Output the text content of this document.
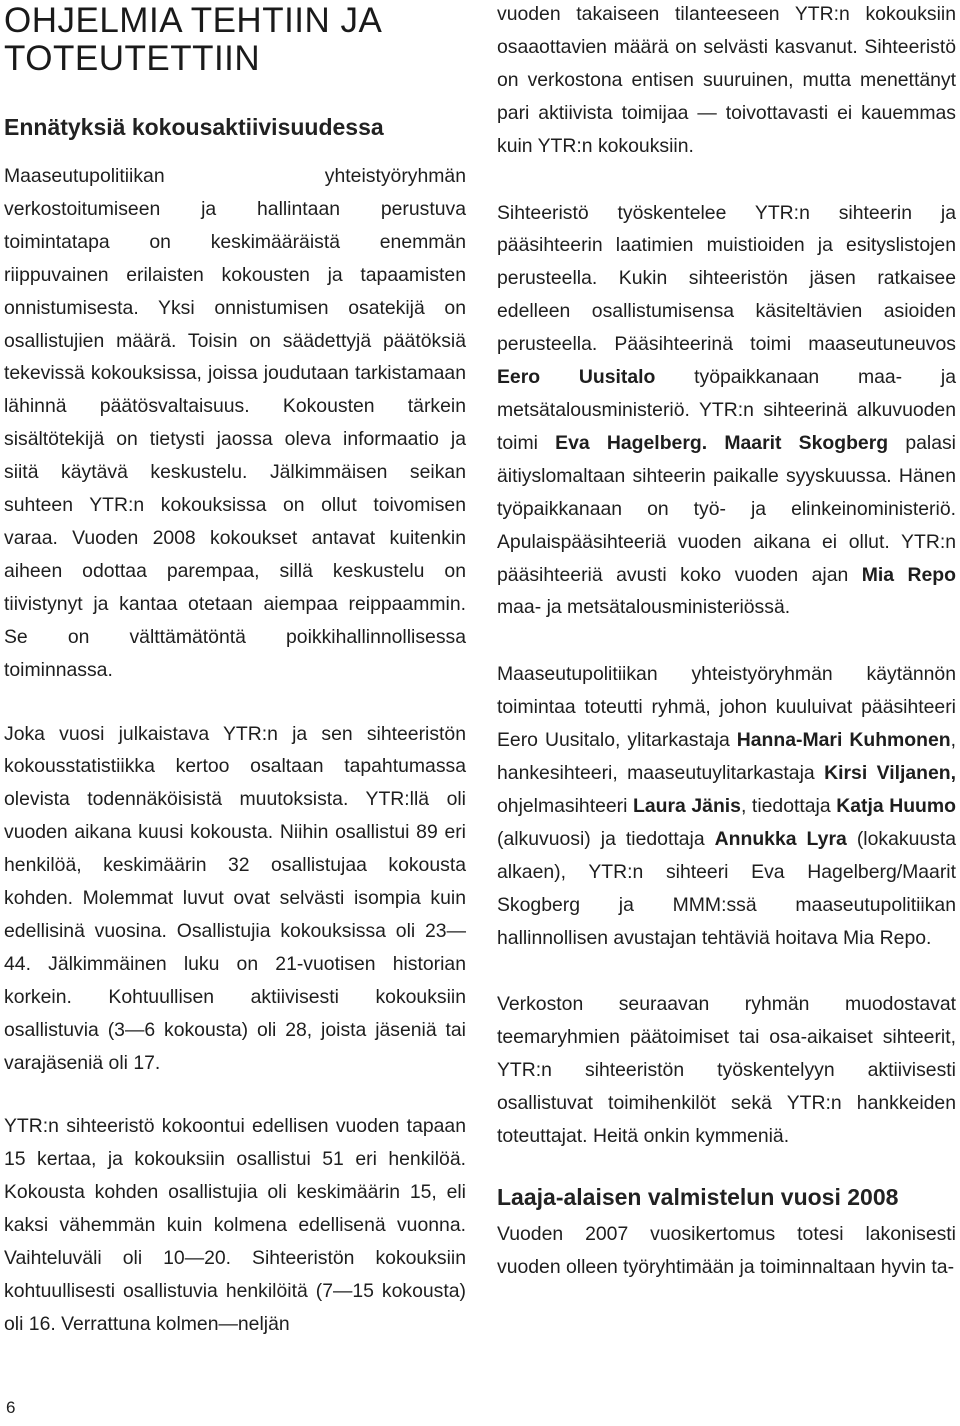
OHJELMIA TEHTIIN JA TOTEUTETTIIN
Ennätyksiä kokousaktiivisuudessa

Maaseutupolitiikan yhteistyöryhmän verkostoitumiseen ja hallintaan perustuva toimintatapa on keskimääräistä enemmän riippuvainen erilaisten kokousten ja tapaamisten onnistumisesta. Yksi onnistumisen osatekijä on osallistujien määrä. Toisin on säädettyjä päätöksiä tekevissä kokouksissa, joissa joudutaan tarkistamaan lähinnä päätösvaltaisuus. Kokousten tärkein sisältötekijä on tietysti jaossa oleva informaatio ja siitä käytävä keskustelu. Jälkimmäisen seikan suhteen YTR:n kokouksissa on ollut toivomisen varaa. Vuoden 2008 kokoukset antavat kuitenkin aiheen odottaa parempaa, sillä keskustelu on tiivistynyt ja kantaa otetaan aiempaa reippaammin. Se on välttämätöntä poikkihallinnollisessa toiminnassa.

Joka vuosi julkaistava YTR:n ja sen sihteeristön kokousstatistiikka kertoo osaltaan tapahtumassa olevista todennäköisistä muutoksista. YTR:llä oli vuoden aikana kuusi kokousta. Niihin osallistui 89 eri henkilöä, keskimäärin 32 osallistujaa kokousta kohden. Molemmat luvut ovat selvästi isompia kuin edellisinä vuosina. Osallistujia kokouksissa oli 23—44. Jälkimmäinen luku on 21-vuotisen historian korkein. Kohtuullisen aktiivisesti kokouksiin osallistuvia (3—6 kokousta) oli 28, joista jäseniä tai varajäseniä oli 17.

YTR:n sihteeristö kokoontui edellisen vuoden tapaan 15 kertaa, ja kokouksiin osallistui 51 eri henkilöä. Kokousta kohden osallistujia oli keskimäärin 15, eli kaksi vähemmän kuin kolmena edellisenä vuonna. Vaihteluväli oli 10—20. Sihteeristön kokouksiin kohtuullisesti osallistuvia henkilöitä (7—15 kokousta) oli 16. Verrattuna kolmen—neljän

vuoden takaiseen tilanteeseen YTR:n kokouksiin osaaottavien määrä on selvästi kasvanut. Sihteeristö on verkostona entisen suuruinen, mutta menettänyt pari aktiivista toimijaa — toivottavasti ei kauemmas kuin YTR:n kokouksiin.

Sihteeristö työskentelee YTR:n sihteerin ja pääsihteerin laatimien muistioiden ja esityslistojen perusteella. Kukin sihteeristön jäsen ratkaisee edelleen osallistumisensa käsiteltävien asioiden perusteella. Pääsihteerinä toimi maaseutuneuvos Eero Uusitalo työpaikkanaan maa- ja metsätalousministeriö. YTR:n sihteerinä alkuvuoden toimi Eva Hagelberg. Maarit Skogberg palasi äitiyslomaltaan sihteerin paikalle syyskuussa. Hänen työpaikkanaan on työ- ja elinkeinoministeriö. Apulaispääsihteeriä vuoden aikana ei ollut. YTR:n pääsihteeriä avusti koko vuoden ajan Mia Repo maa- ja metsätalousministeriössä.

Maaseutupolitiikan yhteistyöryhmän käytännön toimintaa toteutti ryhmä, johon kuuluivat pääsihteeri Eero Uusitalo, ylitarkastaja Hanna-Mari Kuhmonen, hankesihteeri, maaseutuylitarkastaja Kirsi Viljanen, ohjelmasihteeri Laura Jänis, tiedottaja Katja Huumo (alkuvuosi) ja tiedottaja Annukka Lyra (lokakuusta alkaen), YTR:n sihteeri Eva Hagelberg/Maarit Skogberg ja MMM:ssä maaseutupolitiikan hallinnollisen avustajan tehtäviä hoitava Mia Repo.

Verkoston seuraavan ryhmän muodostavat teemaryhmien päätoimiset tai osa-aikaiset sihteerit, YTR:n sihteeristön työskentelyyn aktiivisesti osallistuvat toimihenkilöt sekä YTR:n hankkeiden toteuttajat. Heitä onkin kymmeniä.

Laaja-alaisen valmistelun vuosi 2008

Vuoden 2007 vuosikertomus totesi lakonisesti vuoden olleen työryhtimään ja toiminnaltaan hyvin ta-

6
